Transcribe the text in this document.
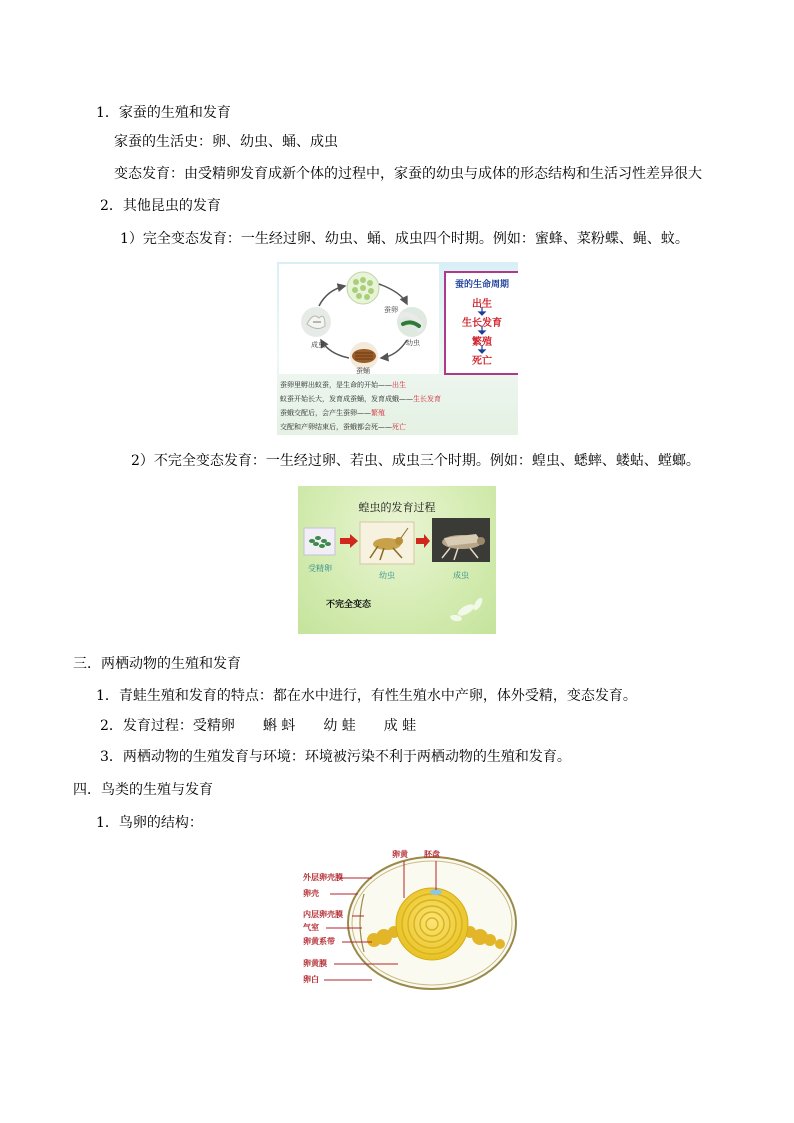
1．家蚕的生殖和发育
家蚕的生活史：卵、幼虫、蛹、成虫
变态发育：由受精卵发育成新个体的过程中，家蚕的幼虫与成体的形态结构和生活习性差异很大
2．其他昆虫的发育
1）完全变态发育：一生经过卵、幼虫、蛹、成虫四个时期。例如：蜜蜂、菜粉蝶、蝇、蚊。
蚕卵
幼虫
成虫
蚕蛹
蚕的生命周期
出生
生长发育
繁殖
死亡
蚕卵里孵出蚁蚕，是生命的开始——出生
蚁蚕开始长大，发育成蚕蛹，发育成蛾——生长发育
蚕蛾交配后，会产生蚕卵——繁殖
交配和产卵结束后，蚕蛾都会死——死亡
2）不完全变态发育：一生经过卵、若虫、成虫三个时期。例如：蝗虫、蟋蟀、蝼蛄、螳螂。
蝗虫的发育过程
受精卵
幼虫	成虫
不完全变态
三．两栖动物的生殖和发育
1．青蛙生殖和发育的特点：都在水中进行，有性生殖水中产卵，体外受精，变态发育。
2．发育过程：受精卵　　蝌 蚪　　幼 蛙　　成 蛙
3．两栖动物的生殖发育与环境：环境被污染不利于两栖动物的生殖和发育。
四．鸟类的生殖与发育
1．鸟卵的结构：
卵黄 胚盘
外层卵壳膜
卵壳
内层卵壳膜
气室
卵黄系带
卵黄膜
卵白
